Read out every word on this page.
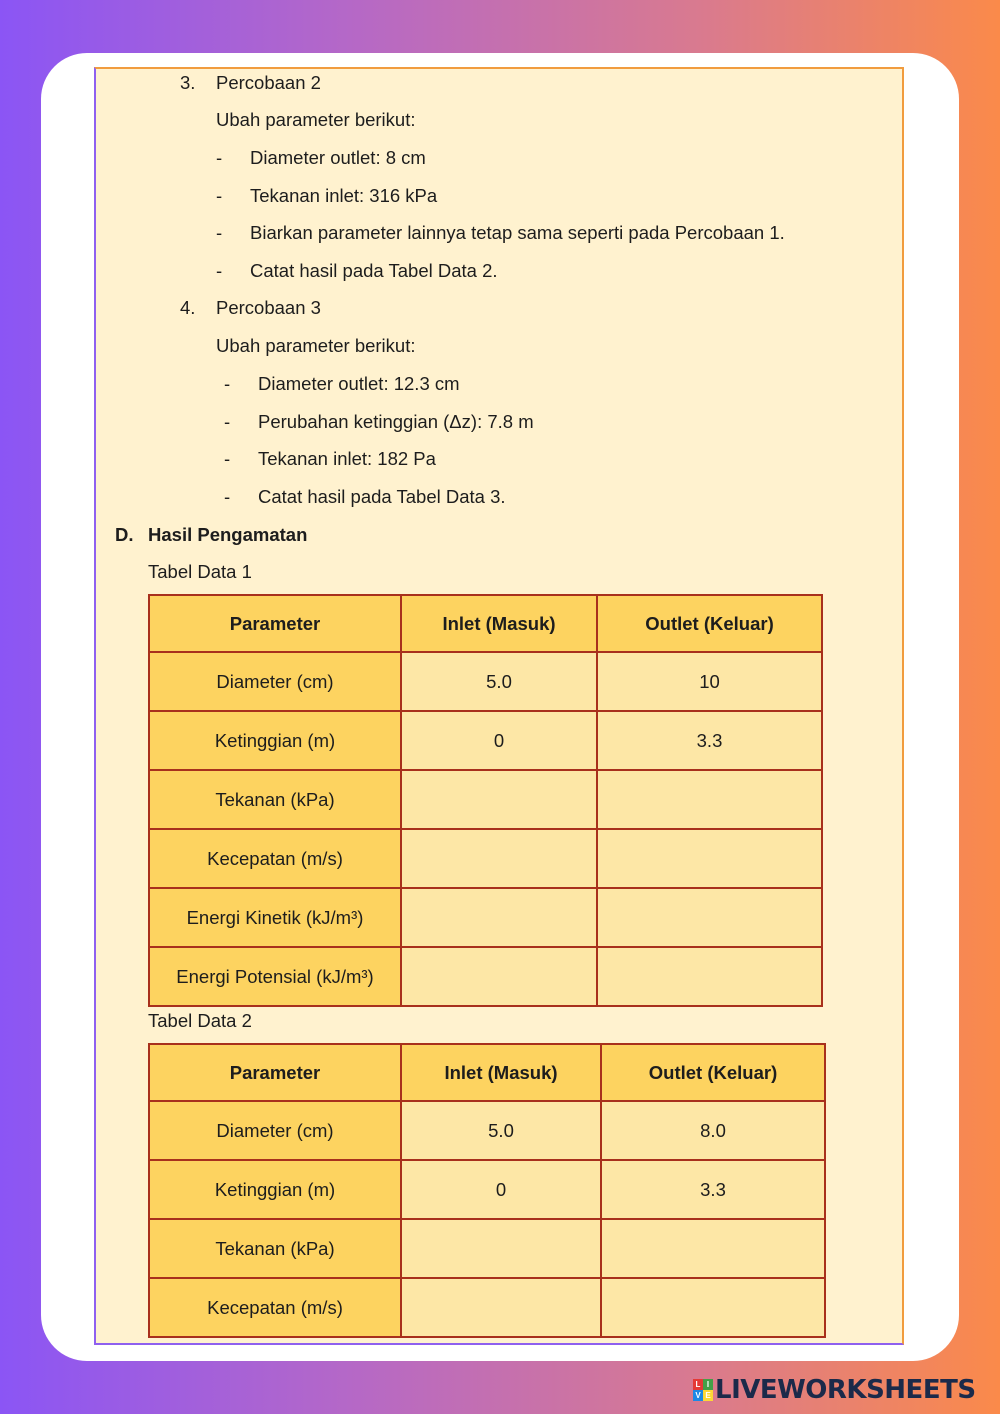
3. Percobaan 2
Ubah parameter berikut:
- Diameter outlet: 8 cm
- Tekanan inlet: 316 kPa
- Biarkan parameter lainnya tetap sama seperti pada Percobaan 1.
- Catat hasil pada Tabel Data 2.
4. Percobaan 3
Ubah parameter berikut:
- Diameter outlet: 12.3 cm
- Perubahan ketinggian (Δz): 7.8 m
- Tekanan inlet: 182 Pa
- Catat hasil pada Tabel Data 3.
D. Hasil Pengamatan
Tabel Data 1
Parameter	Inlet (Masuk)	Outlet (Keluar)
Diameter (cm)	5.0	10
Ketinggian (m)	0	3.3
Tekanan (kPa)		
Kecepatan (m/s)		
Energi Kinetik (kJ/m³)		
Energi Potensial (kJ/m³)		
Tabel Data 2
Parameter	Inlet (Masuk)	Outlet (Keluar)
Diameter (cm)	5.0	8.0
Ketinggian (m)	0	3.3
Tekanan (kPa)		
Kecepatan (m/s)		
L I
V E LIVEWORKSHEETS
